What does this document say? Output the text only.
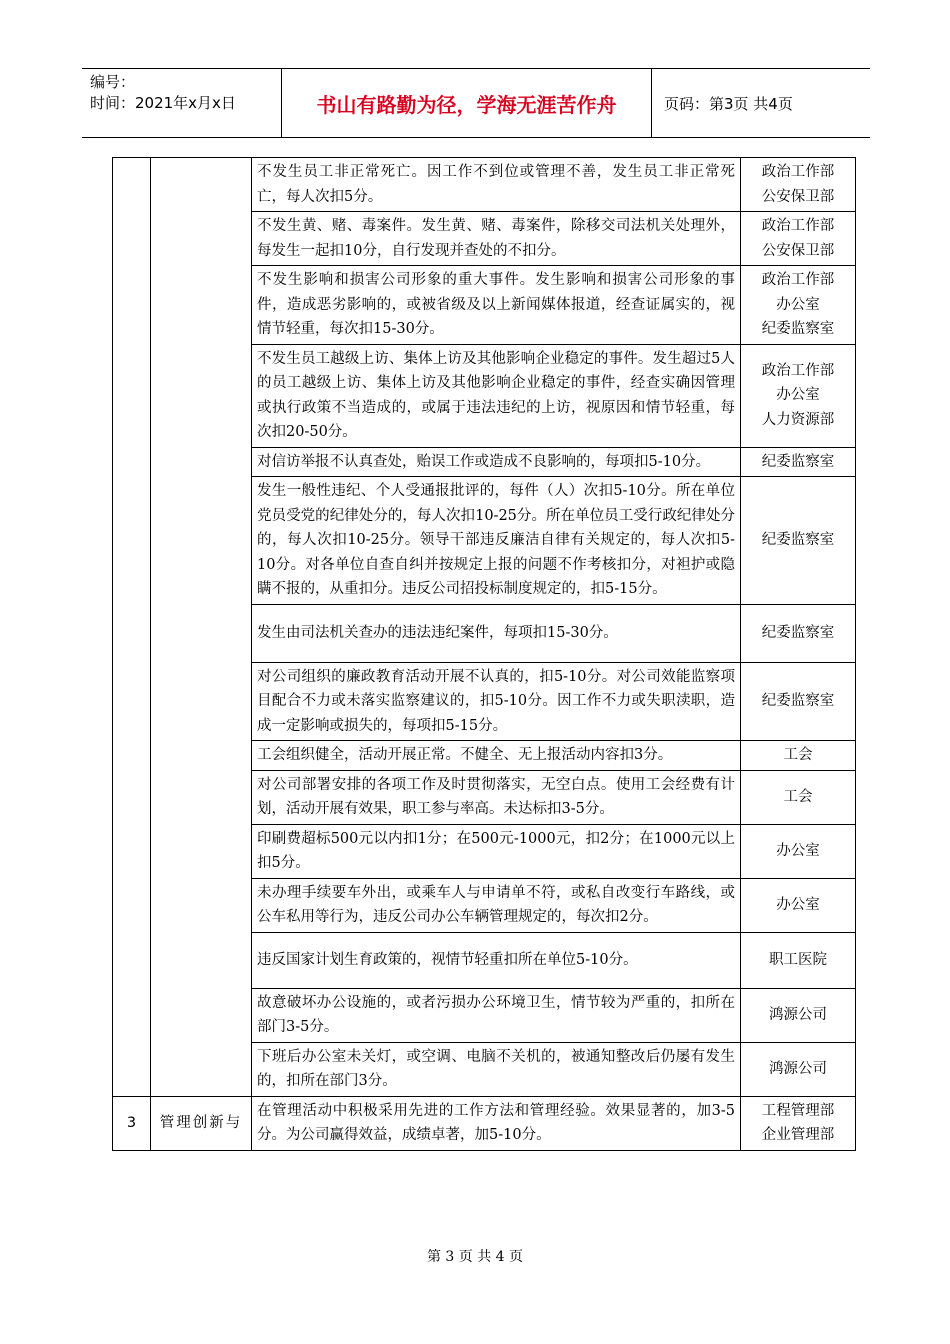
编号：
时间：2021年x月x日	书山有路勤为径，学海无涯苦作舟	页码：第3页 共4页
		不发生员工非正常死亡。因工作不到位或管理不善，发生员工非正常死亡，每人次扣5分。	政治工作部
公安保卫部
		不发生黄、赌、毒案件。发生黄、赌、毒案件，除移交司法机关处理外，每发生一起扣10分，自行发现并查处的不扣分。	政治工作部
公安保卫部
		不发生影响和损害公司形象的重大事件。发生影响和损害公司形象的事件，造成恶劣影响的，或被省级及以上新闻媒体报道，经查证属实的，视情节轻重，每次扣15-30分。	政治工作部
办公室
纪委监察室
		不发生员工越级上访、集体上访及其他影响企业稳定的事件。发生超过5人的员工越级上访、集体上访及其他影响企业稳定的事件，经查实确因管理或执行政策不当造成的，或属于违法违纪的上访，视原因和情节轻重，每次扣20-50分。	政治工作部
办公室
人力资源部
		对信访举报不认真查处，贻误工作或造成不良影响的，每项扣5-10分。	纪委监察室
		发生一般性违纪、个人受通报批评的，每件（人）次扣5-10分。所在单位党员受党的纪律处分的，每人次扣10-25分。所在单位员工受行政纪律处分的，每人次扣10-25分。领导干部违反廉洁自律有关规定的，每人次扣5-10分。对各单位自查自纠并按规定上报的问题不作考核扣分，对袒护或隐瞒不报的，从重扣分。违反公司招投标制度规定的，扣5-15分。	纪委监察室
		发生由司法机关查办的违法违纪案件，每项扣15-30分。	纪委监察室
		对公司组织的廉政教育活动开展不认真的，扣5-10分。对公司效能监察项目配合不力或未落实监察建议的，扣5-10分。因工作不力或失职渎职，造成一定影响或损失的，每项扣5-15分。	纪委监察室
		工会组织健全，活动开展正常。不健全、无上报活动内容扣3分。	工会
		对公司部署安排的各项工作及时贯彻落实，无空白点。使用工会经费有计划，活动开展有效果，职工参与率高。未达标扣3-5分。	工会
		印刷费超标500元以内扣1分；在500元-1000元，扣2分；在1000元以上扣5分。	办公室
		未办理手续要车外出，或乘车人与申请单不符，或私自改变行车路线，或公车私用等行为，违反公司办公车辆管理规定的，每次扣2分。	办公室
		违反国家计划生育政策的，视情节轻重扣所在单位5-10分。	职工医院
		故意破坏办公设施的，或者污损办公环境卫生，情节较为严重的，扣所在部门3-5分。	鸿源公司
		下班后办公室未关灯，或空调、电脑不关机的，被通知整改后仍屡有发生的，扣所在部门3分。	鸿源公司
3	管理创新与	在管理活动中积极采用先进的工作方法和管理经验。效果显著的，加3-5分。为公司赢得效益，成绩卓著，加5-10分。	工程管理部
企业管理部
第 3 页 共 4 页
